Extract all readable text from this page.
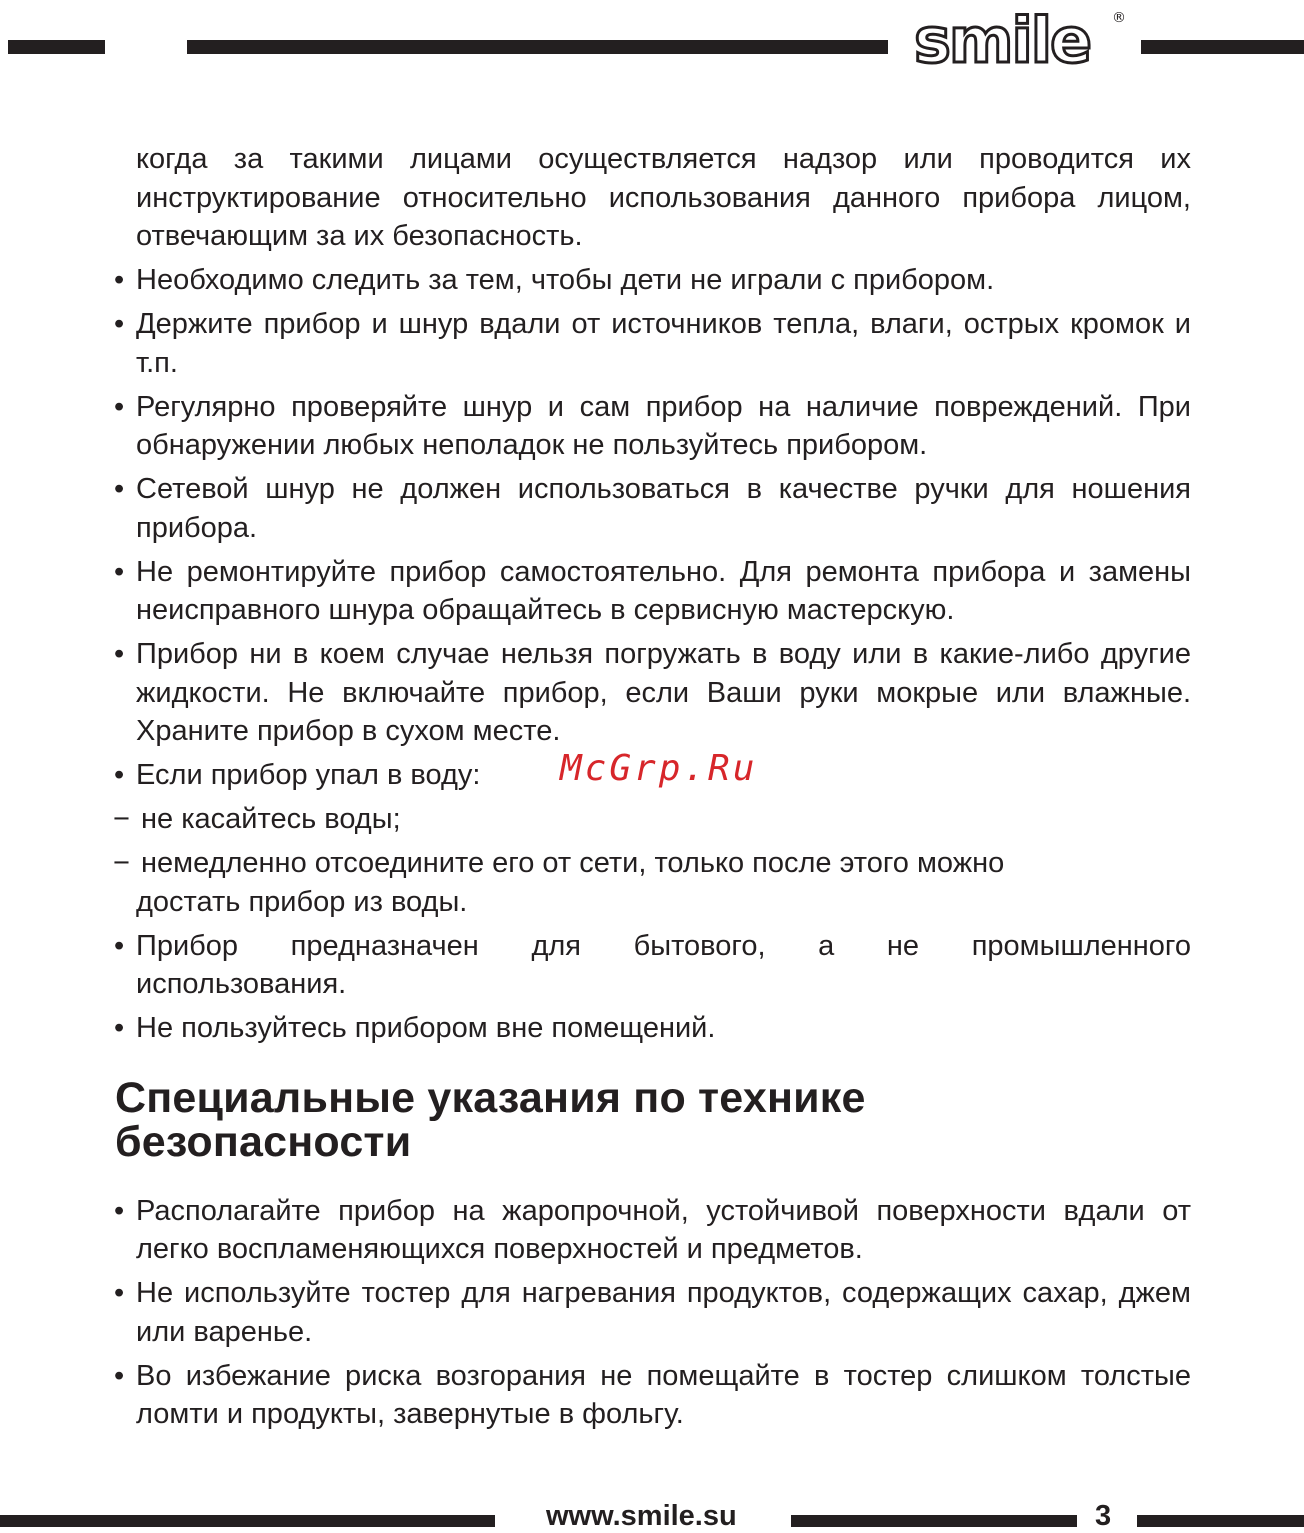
smile ®

когда за такими лицами осуществляется надзор или проводится их инструктирование относительно использования данного прибора лицом, отвечающим за их безопасность.

• Необходимо следить за тем, чтобы дети не играли с прибором.

• Держите прибор и шнур вдали от источников тепла, влаги, острых кромок и т.п.

• Регулярно проверяйте шнур и сам прибор на наличие повреждений. При обнаружении любых неполадок не пользуйтесь прибором.

• Сетевой шнур не должен использоваться в качестве ручки для ношения прибора.

• Не ремонтируйте прибор самостоятельно. Для ремонта прибора и замены неисправного шнура обращайтесь в сервисную мастерскую.

• Прибор ни в коем случае нельзя погружать в воду или в какие-либо другие жидкости. Не включайте прибор, если Ваши руки мокрые или влажные. Храните прибор в сухом месте.

• Если прибор упал в воду:

− не касайтесь воды;

− немедленно отсоедините его от сети, только после этого можно
достать прибор из воды.

• Прибор предназначен для бытового, а не промышленного использования.

• Не пользуйтесь прибором вне помещений.

Специальные указания по технике
безопасности

• Располагайте прибор на жаропрочной, устойчивой поверхности вдали от легко воспламеняющихся поверхностей и предметов.

• Не используйте тостер для нагревания продуктов, содержащих сахар, джем или варенье.

• Во избежание риска возгорания не помещайте в тостер слишком толстые ломти и продукты, завернутые в фольгу.

McGrp.Ru
www.smile.su	3
